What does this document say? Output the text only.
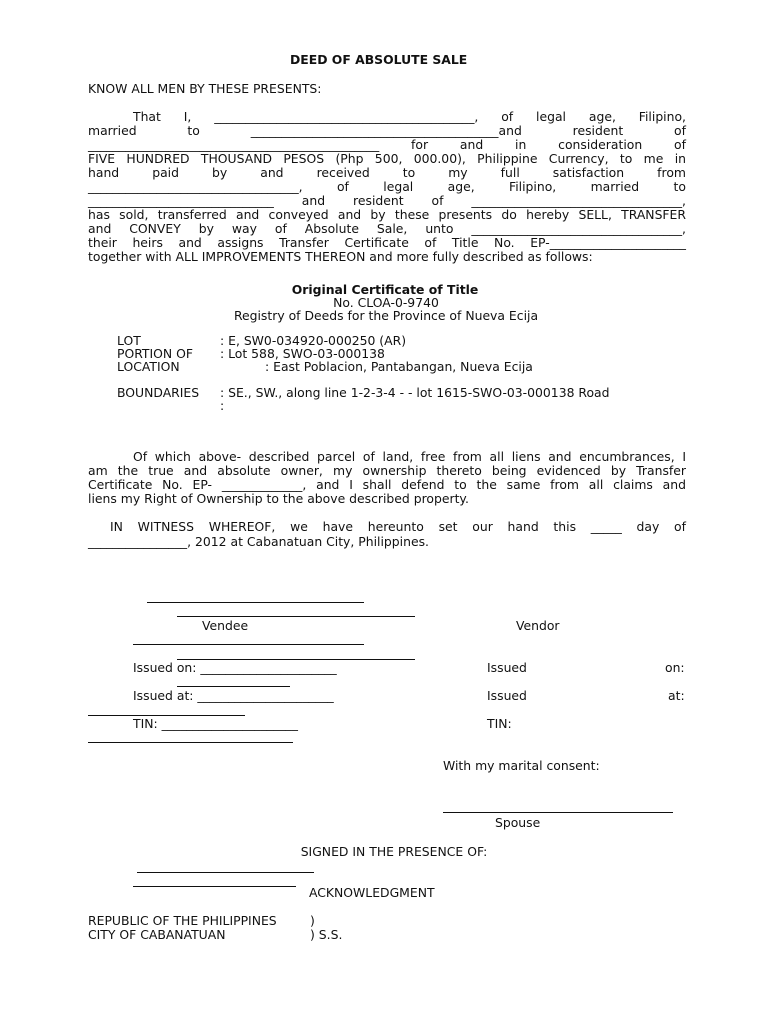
DEED OF ABSOLUTE SALE
KNOW ALL MEN BY THESE PRESENTS:
That I, __________________________________________, of legal age, Filipino,
married to ________________________________________and resident of
_______________________________________________ for and in consideration of
FIVE HUNDRED THOUSAND PESOS (Php 500, 000.00), Philippine Currency, to me in
hand paid by and received to my full satisfaction from
__________________________________, of legal age, Filipino, married to
______________________________ and resident of __________________________________,
has sold, transferred and conveyed and by these presents do hereby SELL, TRANSFER
and CONVEY by way of Absolute Sale, unto __________________________________,
their heirs and assigns Transfer Certificate of Title No. EP-______________________
together with ALL IMPROVEMENTS THEREON and more fully described as follows:
Original Certificate of Title
No. CLOA-0-9740
Registry of Deeds for the Province of Nueva Ecija
LOT	: E, SW0-034920-000250 (AR)
PORTION OF : Lot 588, SWO-03-000138
LOCATION	: East Poblacion, Pantabangan, Nueva Ecija
BOUNDARIES : SE., SW., along line 1-2-3-4 - - lot 1615-SWO-03-000138 Road
:
Of which above- described parcel of land, free from all liens and encumbrances, I
am the true and absolute owner, my ownership thereto being evidenced by Transfer
Certificate No. EP- _____________, and I shall defend to the same from all claims and
liens my Right of Ownership to the above described property.
IN WITNESS WHEREOF, we have hereunto set our hand this _____ day of
________________, 2012 at Cabanatuan City, Philippines.
Vendee	Vendor
Issued on: ______________________	Issued	on:
Issued at: ______________________	Issued	at:
TIN: ______________________	TIN:
With my marital consent:
Spouse
SIGNED IN THE PRESENCE OF:
ACKNOWLEDGMENT
REPUBLIC OF THE PHILIPPINES	)
CITY OF CABANATUAN	) S.S.
